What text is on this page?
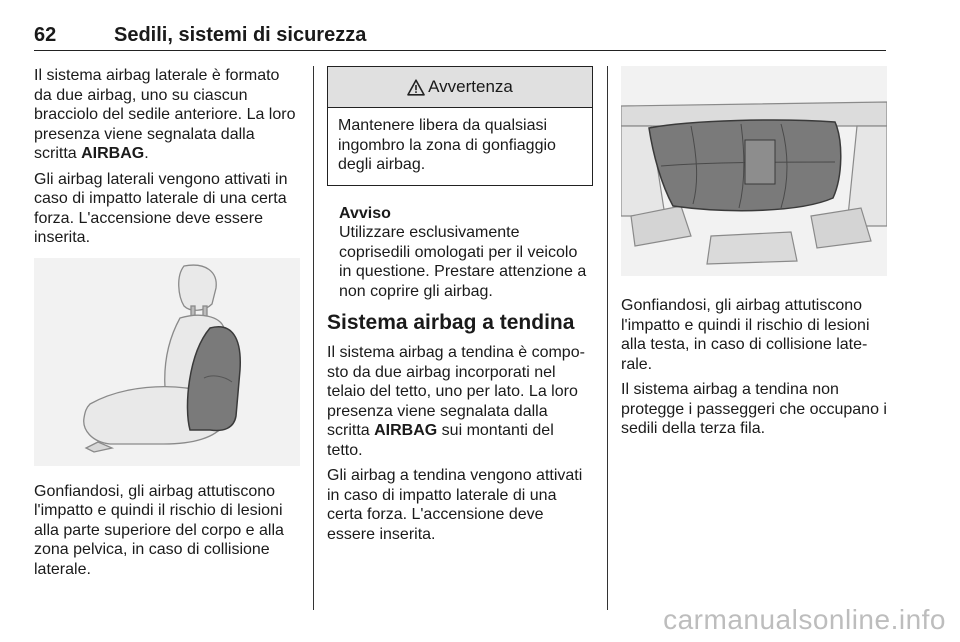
62	Sedili, sistemi di sicurezza

Il sistema airbag laterale è formato da due airbag, uno su ciascun bracciolo del sedile anteriore. La loro presenza viene segnalata dalla scritta AIRBAG.

Gli airbag laterali vengono attivati in caso di impatto laterale di una certa forza. L'accensione deve essere inserita.

Gonfiandosi, gli airbag attutiscono l'impatto e quindi il rischio di lesioni alla parte superiore del corpo e alla zona pelvica, in caso di collisione laterale.

Avvertenza
Mantenere libera da qualsiasi ingombro la zona di gonfiaggio degli airbag.
Avviso
Utilizzare esclusivamente coprisedili omologati per il veicolo in questione. Prestare attenzione a non coprire gli airbag.
Sistema airbag a tendina

Il sistema airbag a tendina è compo- sto da due airbag incorporati nel telaio del tetto, uno per lato. La loro presenza viene segnalata dalla scritta AIRBAG sui montanti del tetto.

Gli airbag a tendina vengono attivati in caso di impatto laterale di una certa forza. L'accensione deve essere inserita.

Gonfiandosi, gli airbag attutiscono l'impatto e quindi il rischio di lesioni alla testa, in caso di collisione late- rale.

Il sistema airbag a tendina non protegge i passeggeri che occupano i sedili della terza fila.

carmanualsonline.info
